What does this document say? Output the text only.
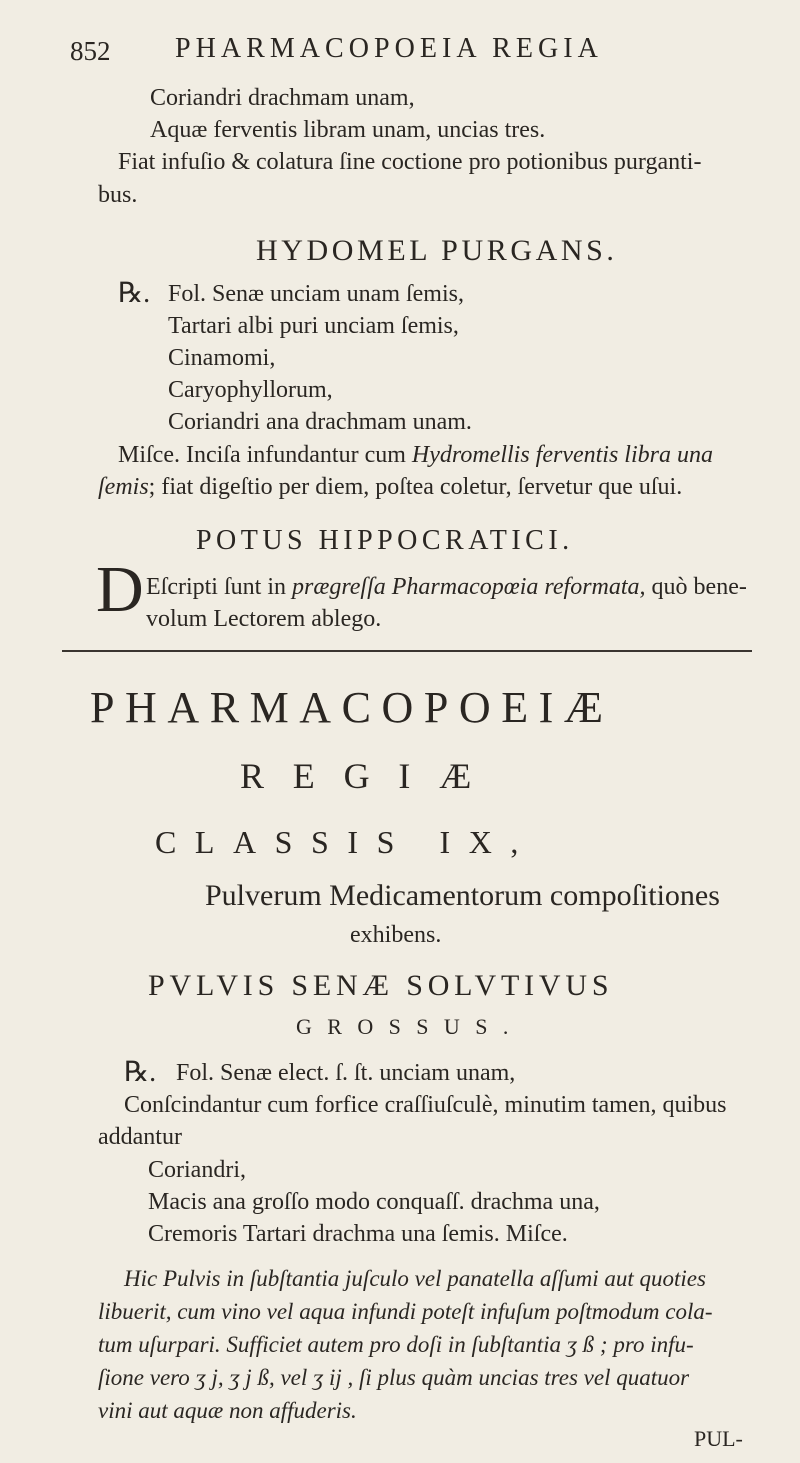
852 PHARMACOPOEIA REGIA
Coriandri drachmam unam,
Aquæ ferventis libram unam, uncias tres.
Fiat infuſio & colatura ſine coctione pro potionibus purganti-
bus.
HYDOMEL PURGANS.
℞. Fol. Senæ unciam unam ſemis,
Tartari albi puri unciam ſemis,
Cinamomi,
Caryophyllorum,
Coriandri ana drachmam unam.
Miſce. Inciſa infundantur cum Hydromellis ferventis libra una
ſemis; fiat digeſtio per diem, poſtea coletur, ſervetur que uſui.
POTUS HIPPOCRATICI.
D Eſcripti ſunt in prægreſſa Pharmacopœia reformata, quò bene-
volum Lectorem ablego.
PHARMACOPOEIÆ
REGIÆ
CLASSIS IX,
Pulverum Medicamentorum compoſitiones
exhibens.
PVLVIS SENÆ SOLVTIVUS
GROSSUS.
℞. Fol. Senæ elect. ſ. ſt. unciam unam,
Conſcindantur cum forfice craſſiuſculè, minutim tamen, quibus
addantur
Coriandri,
Macis ana groſſo modo conquaſſ. drachma una,
Cremoris Tartari drachma una ſemis. Miſce.
Hic Pulvis in ſubſtantia juſculo vel panatella aſſumi aut quoties
libuerit, cum vino vel aqua infundi poteſt infuſum poſtmodum cola-
tum uſurpari. Sufficiet autem pro doſi in ſubſtantia ʒ ß ; pro infu-
ſione vero ʒ j, ʒ j ß, vel ʒ ij , ſi plus quàm uncias tres vel quatuor
vini aut aquæ non affuderis.
PUL-
